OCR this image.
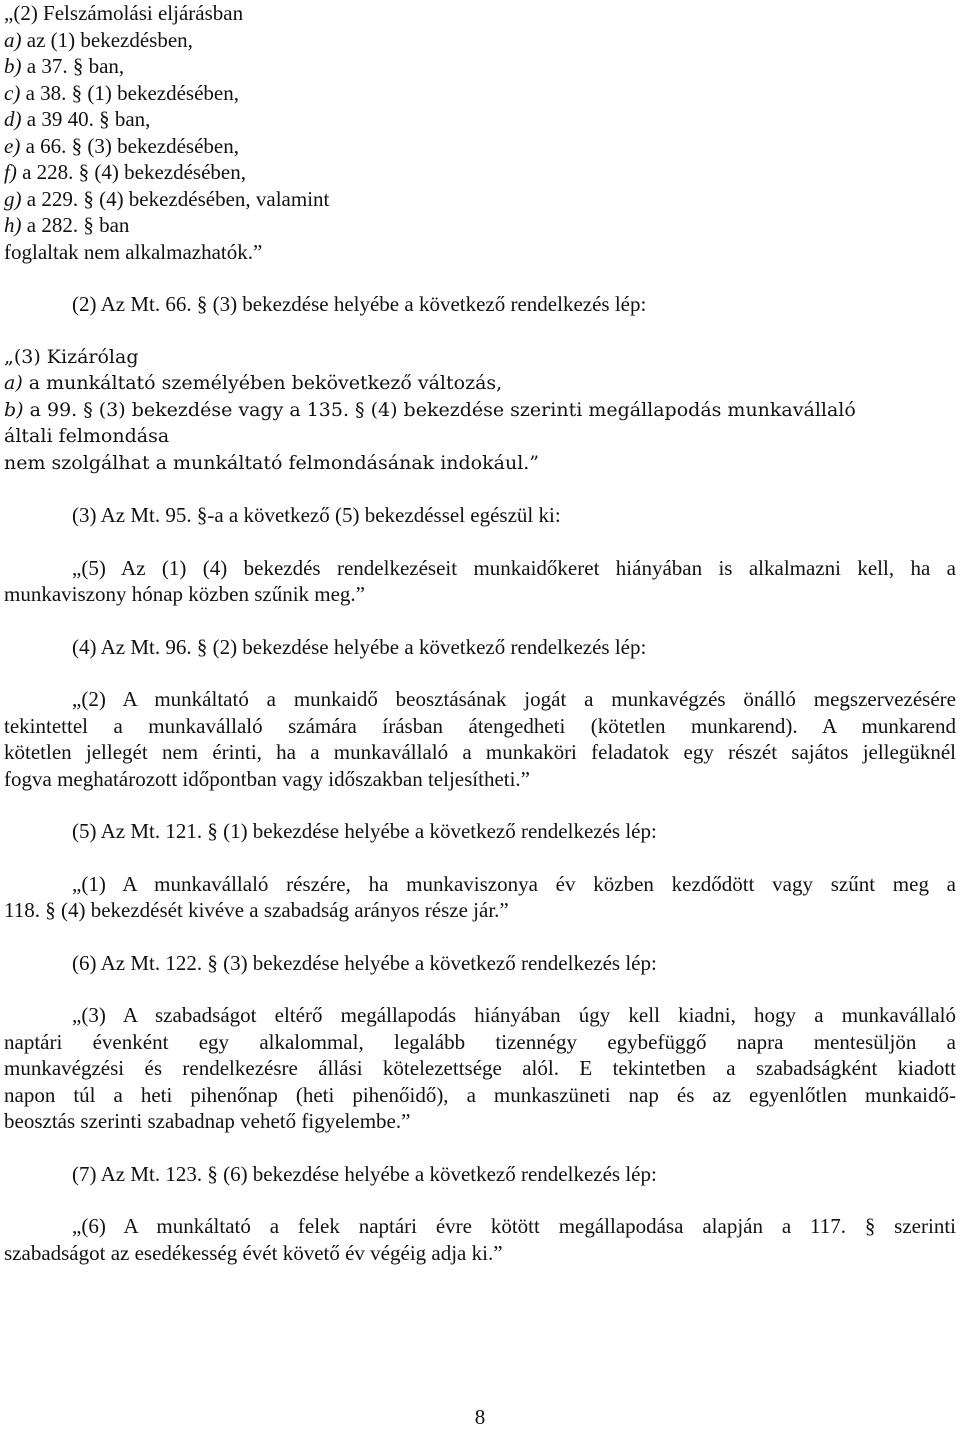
„(2) Felszámolási eljárásban
a) az (1) bekezdésben,
b) a 37. § ban,
c) a 38. § (1) bekezdésében,
d) a 39 40. § ban,
e) a 66. § (3) bekezdésében,
f) a 228. § (4) bekezdésében,
g) a 229. § (4) bekezdésében, valamint
h) a 282. § ban
foglaltak nem alkalmazhatók.”
(2) Az Mt. 66. § (3) bekezdése helyébe a következő rendelkezés lép:
„(3) Kizárólag
a) a munkáltató személyében bekövetkező változás,
b) a 99. § (3) bekezdése vagy a 135. § (4) bekezdése szerinti megállapodás munkavállaló
általi felmondása
nem szolgálhat a munkáltató felmondásának indokául.”
(3) Az Mt. 95. §-a a következő (5) bekezdéssel egészül ki:
„(5) Az (1) (4) bekezdés rendelkezéseit munkaidőkeret hiányában is alkalmazni kell, ha a
munkaviszony hónap közben szűnik meg.”
(4) Az Mt. 96. § (2) bekezdése helyébe a következő rendelkezés lép:
„(2) A munkáltató a munkaidő beosztásának jogát a munkavégzés önálló megszervezésére
tekintettel a munkavállaló számára írásban átengedheti (kötetlen munkarend). A munkarend
kötetlen jellegét nem érinti, ha a munkavállaló a munkaköri feladatok egy részét sajátos jellegüknél
fogva meghatározott időpontban vagy időszakban teljesítheti.”
(5) Az Mt. 121. § (1) bekezdése helyébe a következő rendelkezés lép:
„(1) A munkavállaló részére, ha munkaviszonya év közben kezdődött vagy szűnt meg a
118. § (4) bekezdését kivéve a szabadság arányos része jár.”
(6) Az Mt. 122. § (3) bekezdése helyébe a következő rendelkezés lép:
„(3) A szabadságot eltérő megállapodás hiányában úgy kell kiadni, hogy a munkavállaló
naptári évenként egy alkalommal, legalább tizennégy egybefüggő napra mentesüljön a
munkavégzési és rendelkezésre állási kötelezettsége alól. E tekintetben a szabadságként kiadott
napon túl a heti pihenőnap (heti pihenőidő), a munkaszüneti nap és az egyenlőtlen munkaidő-
beosztás szerinti szabadnap vehető figyelembe.”
(7) Az Mt. 123. § (6) bekezdése helyébe a következő rendelkezés lép:
„(6) A munkáltató a felek naptári évre kötött megállapodása alapján a 117. § szerinti
szabadságot az esedékesség évét követő év végéig adja ki.”
8
